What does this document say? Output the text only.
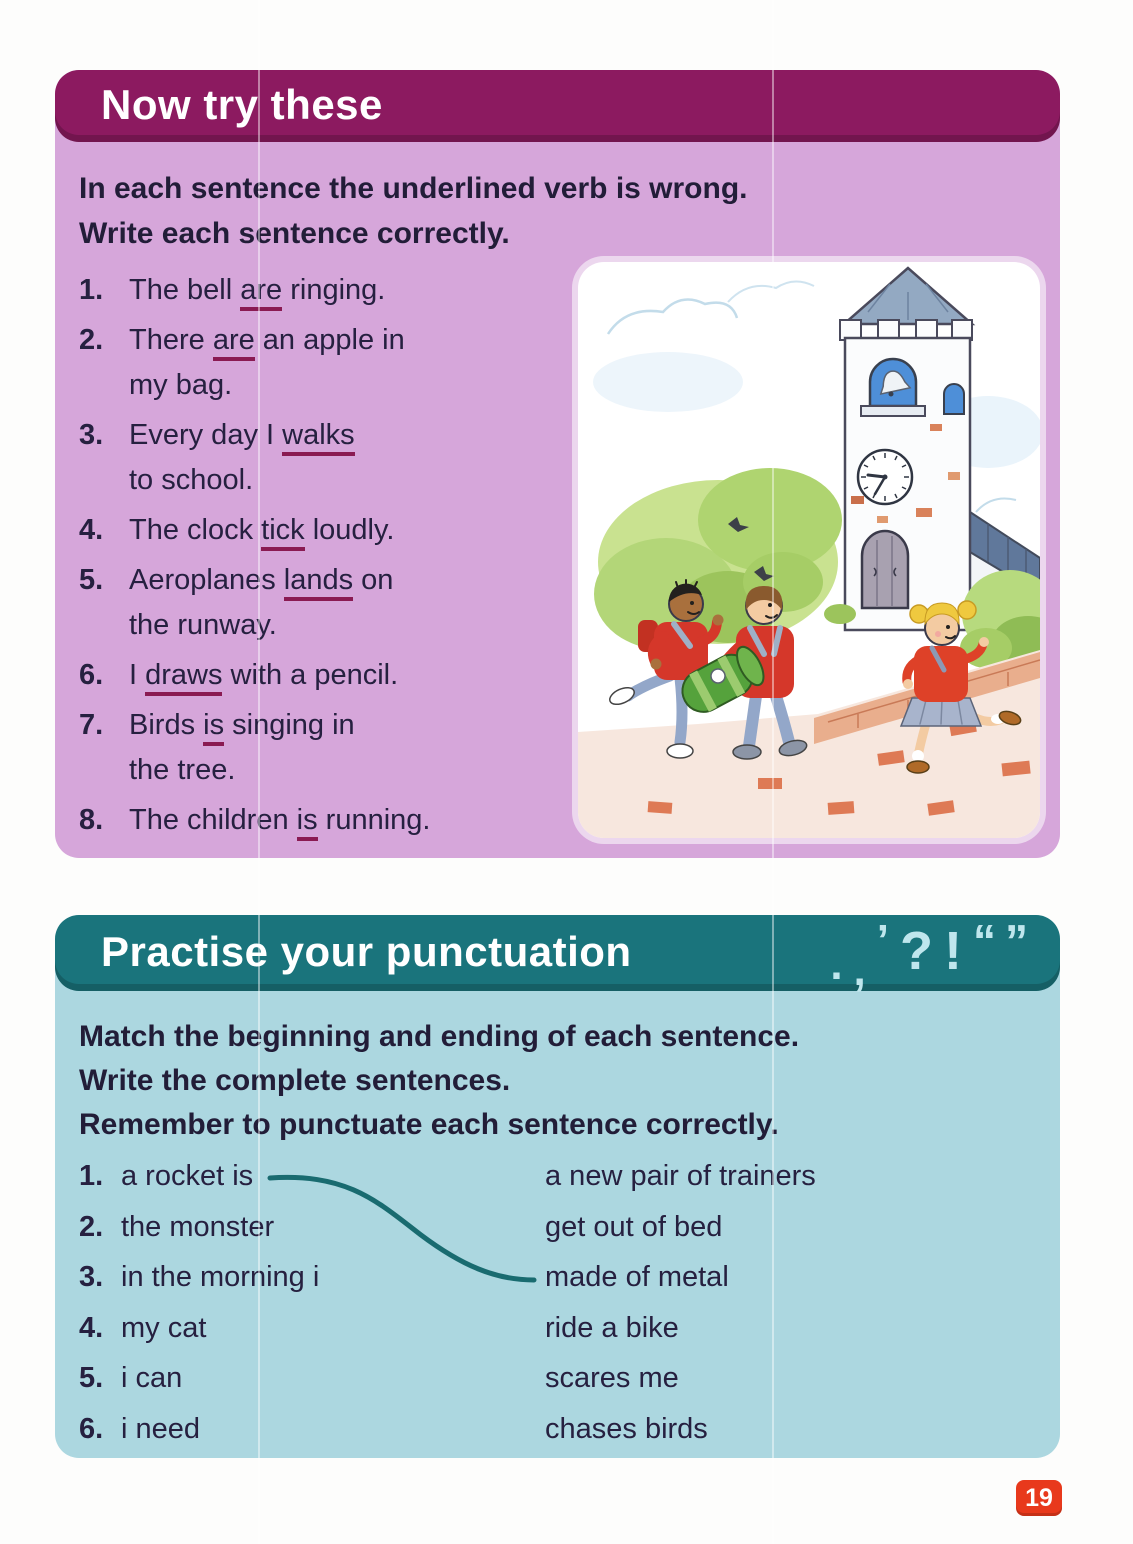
Now try these
In each sentence the underlined verb is wrong.
Write each sentence correctly.
1. The bell are ringing.
2. There are an apple in
my bag.
3. Every day I walks
to school.
4. The clock tick loudly.
5. Aeroplanes lands on
the runway.
6. I draws with a pencil.
7. Birds is singing in
the tree.
8. The children is running.
Practise your punctuation	. ,
’ ? ! “ ”
Match the beginning and ending of each sentence.
Write the complete sentences.
Remember to punctuate each sentence correctly.
1. a rocket is
2. the monster
3. in the morning i
4. my cat
5. i can
6. i need
a new pair of trainers
get out of bed
made of metal
ride a bike
scares me
chases birds
19
